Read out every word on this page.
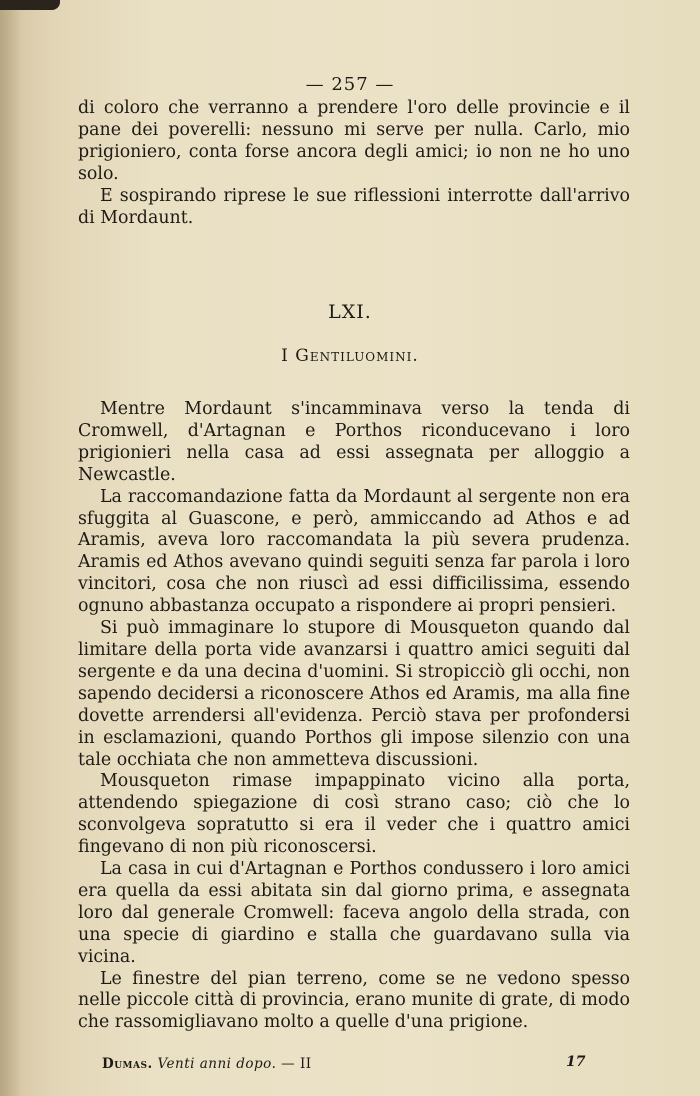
— 257 —

di coloro che verranno a prendere l'oro delle provincie e il pane dei poverelli: nessuno mi serve per nulla. Carlo, mio prigioniero, conta forse ancora degli amici; io non ne ho uno solo.

E sospirando riprese le sue riflessioni interrotte dall'arrivo di Mordaunt.

LXI.
I Gentiluomini.

Mentre Mordaunt s'incamminava verso la tenda di Cromwell, d'Artagnan e Porthos riconducevano i loro prigionieri nella casa ad essi assegnata per alloggio a Newcastle.

La raccomandazione fatta da Mordaunt al sergente non era sfuggita al Guascone, e però, ammiccando ad Athos e ad Aramis, aveva loro raccomandata la più severa prudenza. Aramis ed Athos avevano quindi seguiti senza far parola i loro vincitori, cosa che non riuscì ad essi difficilissima, essendo ognuno abbastanza occupato a rispondere ai propri pensieri.

Si può immaginare lo stupore di Mousqueton quando dal limitare della porta vide avanzarsi i quattro amici seguiti dal sergente e da una decina d'uomini. Si stropicciò gli occhi, non sapendo decidersi a riconoscere Athos ed Aramis, ma alla fine dovette arrendersi all'evidenza. Perciò stava per profondersi in esclamazioni, quando Porthos gli impose silenzio con una tale occhiata che non ammetteva discussioni.

Mousqueton rimase impappinato vicino alla porta, attendendo spiegazione di così strano caso; ciò che lo sconvolgeva sopratutto si era il veder che i quattro amici fingevano di non più riconoscersi.

La casa in cui d'Artagnan e Porthos condussero i loro amici era quella da essi abitata sin dal giorno prima, e assegnata loro dal generale Cromwell: faceva angolo della strada, con una specie di giardino e stalla che guardavano sulla via vicina.

Le finestre del pian terreno, come se ne vedono spesso nelle piccole città di provincia, erano munite di grate, di modo che rassomigliavano molto a quelle d'una prigione.

Dumas. Venti anni dopo. — II	17
